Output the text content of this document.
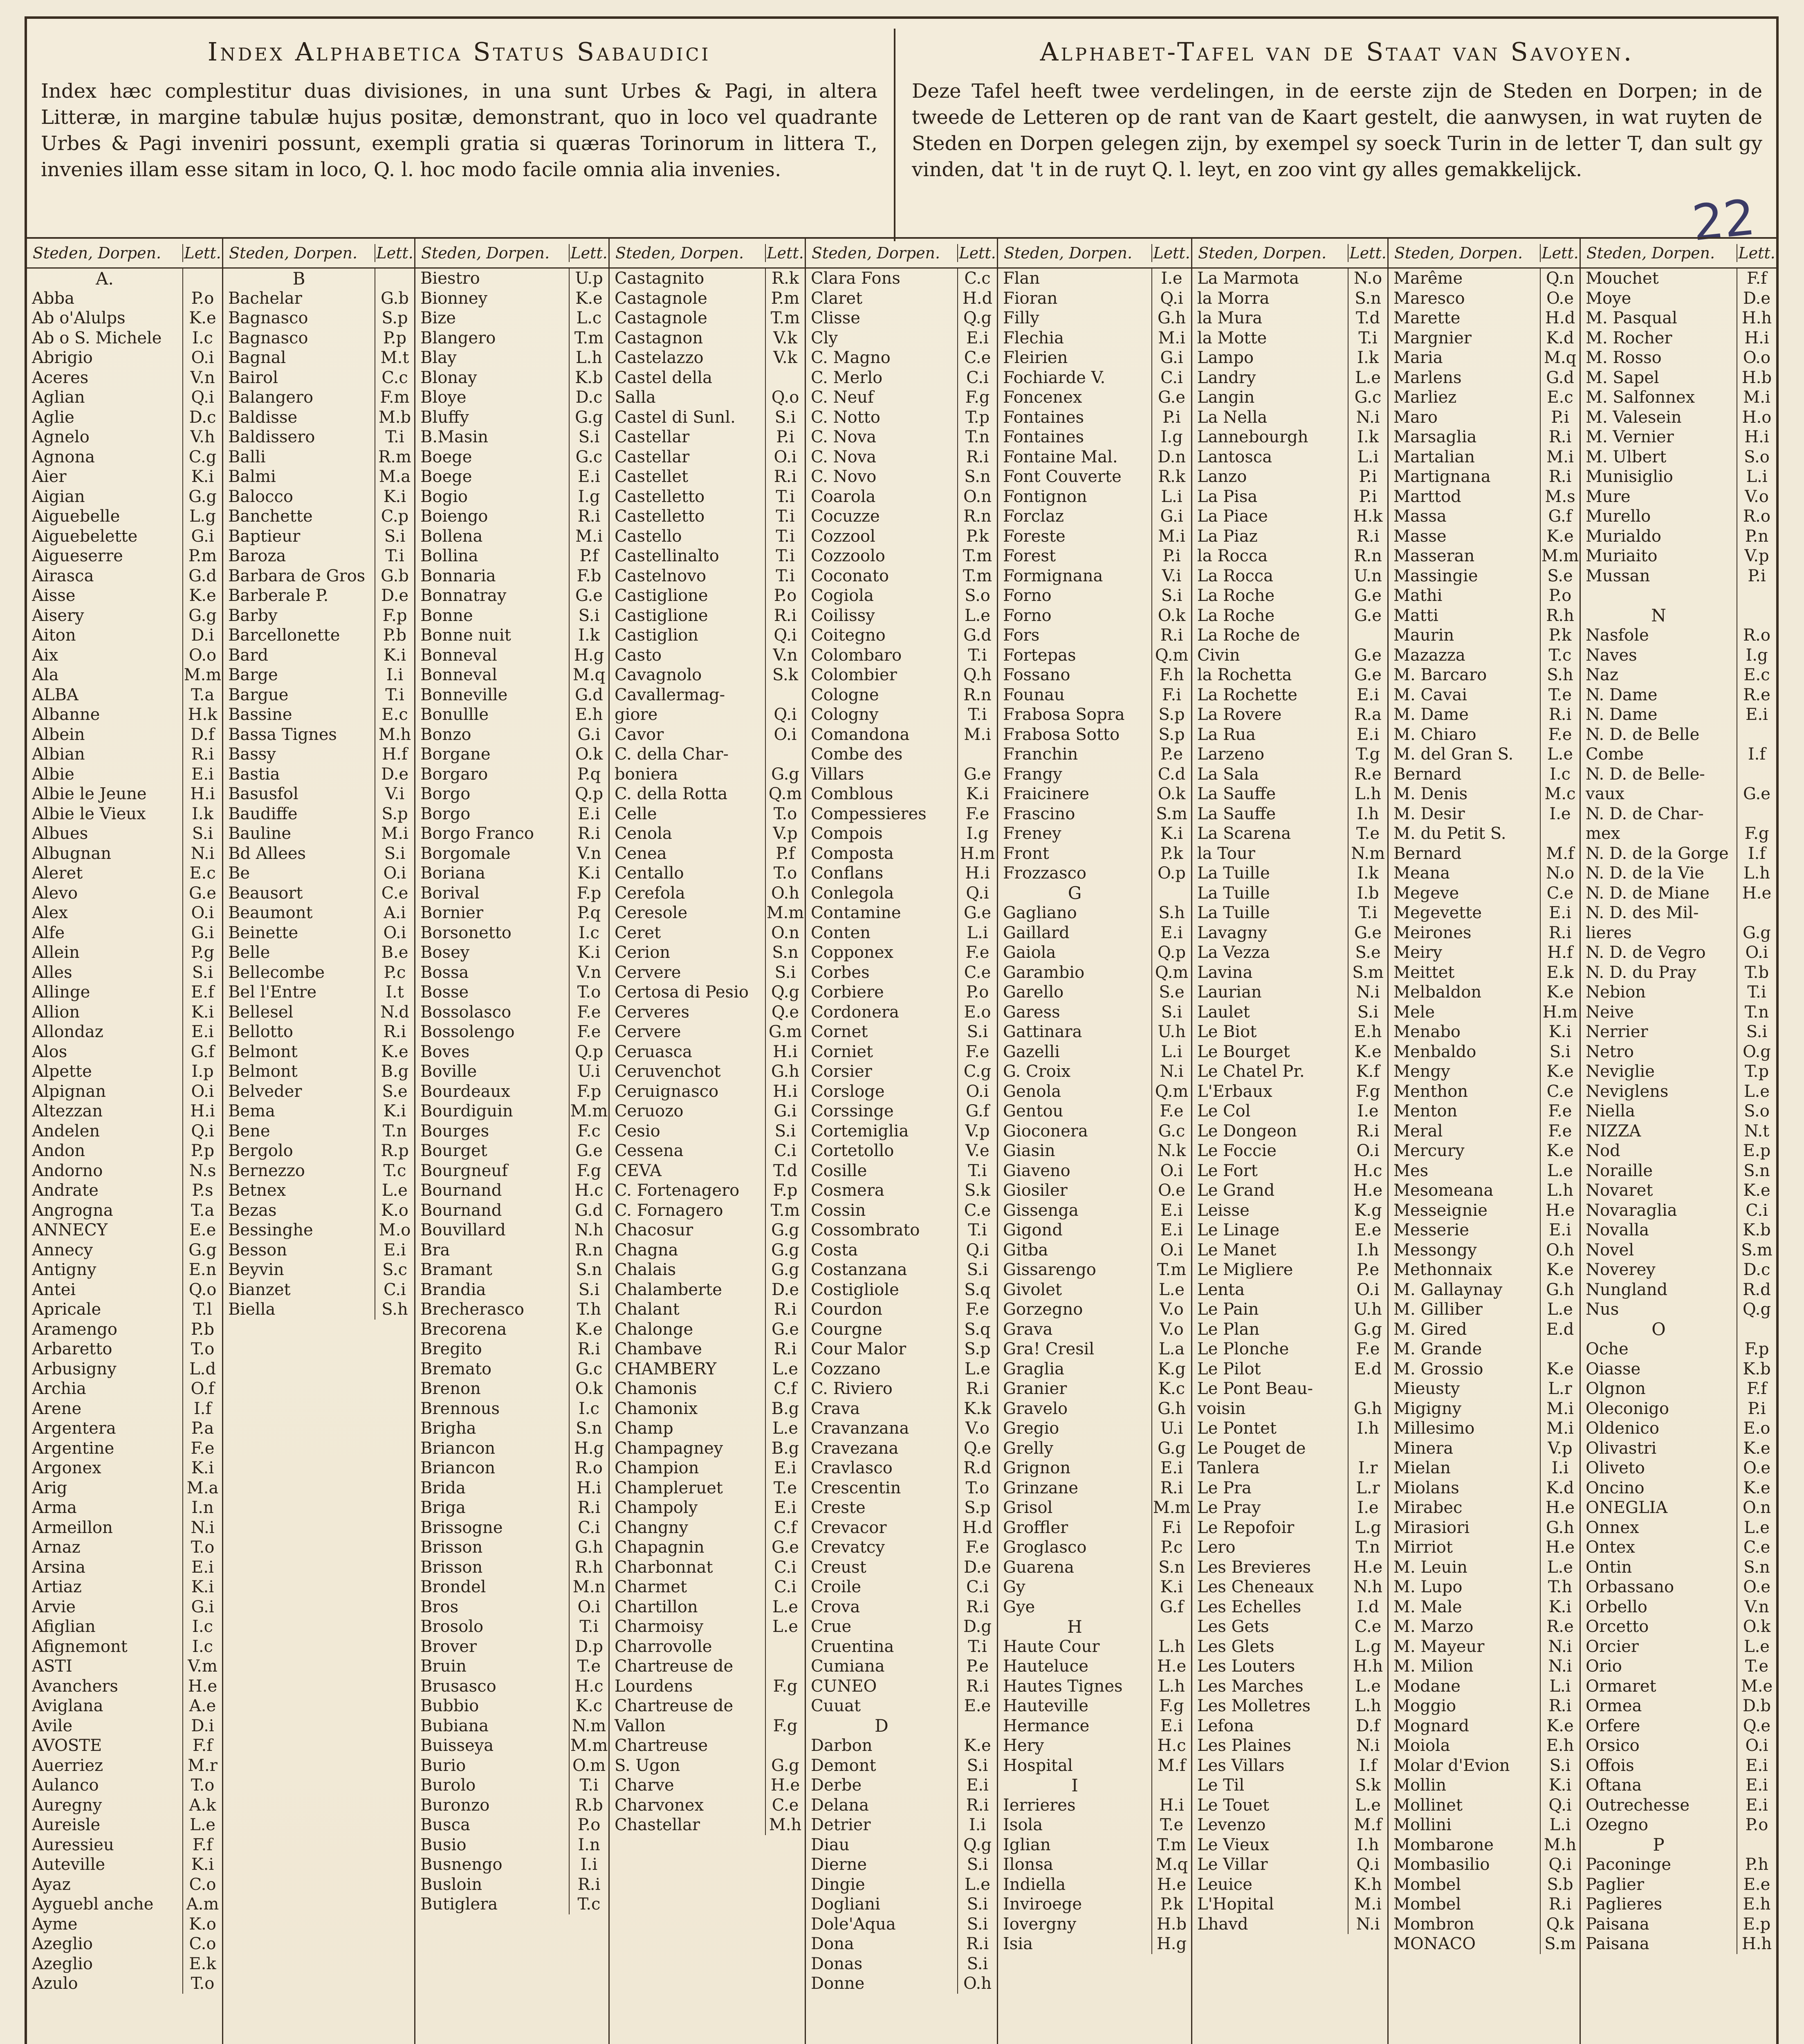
Index Alphabetica Status Sabaudici
Index hæc complestitur duas divisiones, in una sunt Urbes & Pagi, in altera Litteræ, in margine tabulæ hujus positæ, demonstrant, quo in loco vel quadrante Urbes & Pagi inveniri possunt, exempli gratia si quæras Torinorum in littera T., invenies illam esse sitam in loco, Q. l. hoc modo facile omnia alia invenies.
Alphabet-Tafel van de Staat van Savoyen.
Deze Tafel heeft twee verdelingen, in de eerste zijn de Steden en Dorpen; in de tweede de Letteren op de rant van de Kaart gestelt, die aanwysen, in wat ruyten de Steden en Dorpen gelegen zijn, by exempel sy soeck Turin in de letter T, dan sult gy vinden, dat 't in de ruyt Q. l. leyt, en zoo vint gy alles gemakkelijck.
22
Steden, Dorpen.	Lett.
A.
Abba	P.o
Ab o'Alulps	K.e
Ab o S. Michele	I.c
Abrigio	O.i
Aceres	V.n
Aglian	Q.i
Aglie	D.c
Agnelo	V.h
Agnona	C.g
Aier	K.i
Aigian	G.g
Aiguebelle	L.g
Aiguebelette	G.i
Aigueserre	P.m
Airasca	G.d
Aisse	K.e
Aisery	G.g
Aiton	D.i
Aix	O.o
Ala	M.m
ALBA	T.a
Albanne	H.k
Albein	D.f
Albian	R.i
Albie	E.i
Albie le Jeune	H.i
Albie le Vieux	I.k
Albues	S.i
Albugnan	N.i
Aleret	E.c
Alevo	G.e
Alex	O.i
Alfe	G.i
Allein	P.g
Alles	S.i
Allinge	E.f
Allion	K.i
Allondaz	E.i
Alos	G.f
Alpette	I.p
Alpignan	O.i
Altezzan	H.i
Andelen	Q.i
Andon	P.p
Andorno	N.s
Andrate	P.s
Angrogna	T.a
ANNECY	E.e
Annecy	G.g
Antigny	E.n
Antei	Q.o
Apricale	T.l
Aramengo	P.b
Arbaretto	T.o
Arbusigny	L.d
Archia	O.f
Arene	I.f
Argentera	P.a
Argentine	F.e
Argonex	K.i
Arig	M.a
Arma	I.n
Armeillon	N.i
Arnaz	T.o
Arsina	E.i
Artiaz	K.i
Arvie	G.i
Afiglian	I.c
Afignemont	I.c
ASTI	V.m
Avanchers	H.e
Aviglana	A.e
Avile	D.i
AVOSTE	F.f
Auerriez	M.r
Aulanco	T.o
Auregny	A.k
Aureisle	L.e
Auressieu	F.f
Auteville	K.i
Ayaz	C.o
Ayguebl anche	A.m
Ayme	K.o
Azeglio	C.o
Azeglio	E.k
Azulo	T.o
Steden, Dorpen.	Lett.
B
Bachelar	G.b
Bagnasco	S.p
Bagnasco	P.p
Bagnal	M.t
Bairol	C.c
Balangero	F.m
Baldisse	M.b
Baldissero	T.i
Balli	R.m
Balmi	M.a
Balocco	K.i
Banchette	C.p
Baptieur	S.i
Baroza	T.i
Barbara de Gros G.b
Barberale P.	D.e
Barby	F.p
Barcellonette	P.b
Bard	K.i
Barge	I.i
Bargue	T.i
Bassine	E.c
Bassa Tignes	M.h
Bassy	H.f
Bastia	D.e
Basusfol	V.i
Baudiffe	S.p
Bauline	M.i
Bd Allees	S.i
Be	O.i
Beausort	C.e
Beaumont	A.i
Beinette	O.i
Belle	B.e
Bellecombe	P.c
Bel l'Entre	I.t
Bellesel	N.d
Bellotto	R.i
Belmont	K.e
Belmont	B.g
Belveder	S.e
Bema	K.i
Bene	T.n
Bergolo	R.p
Bernezzo	T.c
Betnex	L.e
Bezas	K.o
Bessinghe	M.o
Besson	E.i
Beyvin	S.c
Bianzet	C.i
Biella	S.h
Steden, Dorpen.	Lett.
Biestro	U.p
Bionney	K.e
Bize	L.c
Blangero	T.m
Blay	L.h
Blonay	K.b
Bloye	D.c
Bluffy	G.g
B.Masin	S.i
Boege	G.c
Boege	E.i
Bogio	I.g
Boiengo	R.i
Bollena	M.i
Bollina	P.f
Bonnaria	F.b
Bonnatray	G.e
Bonne	S.i
Bonne nuit	I.k
Bonneval	H.g
Bonneval	M.q
Bonneville	G.d
Bonullle	E.h
Bonzo	G.i
Borgane	O.k
Borgaro	P.q
Borgo	Q.p
Borgo	E.i
Borgo Franco	R.i
Borgomale	V.n
Boriana	K.i
Borival	F.p
Bornier	P.q
Borsonetto	I.c
Bosey	K.i
Bossa	V.n
Bosse	T.o
Bossolasco	F.e
Bossolengo	F.e
Boves	Q.p
Boville	U.i
Bourdeaux	F.p
Bourdiguin	M.m
Bourges	F.c
Bourget	G.e
Bourgneuf	F.g
Bournand	H.c
Bournand	G.d
Bouvillard	N.h
Bra	R.n
Bramant	S.n
Brandia	S.i
Brecherasco	T.h
Brecorena	K.e
Bregito	R.i
Bremato	G.c
Brenon	O.k
Brennous	I.c
Brigha	S.n
Briancon	H.g
Briancon	R.o
Brida	H.i
Briga	R.i
Brissogne	C.i
Brisson	G.h
Brisson	R.h
Brondel	M.n
Bros	O.i
Brosolo	T.i
Brover	D.p
Bruin	T.e
Brusasco	H.c
Bubbio	K.c
Bubiana	N.m
Buisseya	M.m
Burio	O.m
Burolo	T.i
Buronzo	R.b
Busca	P.o
Busio	I.n
Busnengo	I.i
Busloin	R.i
Butiglera	T.c
Steden, Dorpen.	Lett.
Castagnito	R.k
Castagnole	P.m
Castagnole	T.m
Castagnon	V.k
Castelazzo	V.k
Castel della
Salla	Q.o
Castel di Sunl.	S.i
Castellar	P.i
Castellar	O.i
Castellet	R.i
Castelletto	T.i
Castelletto	T.i
Castello	T.i
Castellinalto	T.i
Castelnovo	T.i
Castiglione	P.o
Castiglione	R.i
Castiglion	Q.i
Casto	V.n
Cavagnolo	S.k
Cavallermag-
giore	Q.i
Cavor	O.i
C. della Char-
boniera	G.g
C. della Rotta	Q.m
Celle	T.o
Cenola	V.p
Cenea	P.f
Centallo	T.o
Cerefola	O.h
Ceresole	M.m
Ceret	O.n
Cerion	S.n
Cervere	S.i
Certosa di Pesio	Q.g
Cerveres	Q.e
Cervere	G.m
Ceruasca	H.i
Ceruvenchot	G.h
Ceruignasco	H.i
Ceruozo	G.i
Cesio	S.i
Cessena	C.i
CEVA	T.d
C. Fortenagero	F.p
C. Fornagero	T.m
Chacosur	G.g
Chagna	G.g
Chalais	G.g
Chalamberte	D.e
Chalant	R.i
Chalonge	G.e
Chambave	R.i
CHAMBERY	L.e
Chamonis	C.f
Chamonix	B.g
Champ	L.e
Champagney	B.g
Champion	E.i
Champleruet	T.e
Champoly	E.i
Changny	C.f
Chapagnin	G.e
Charbonnat	C.i
Charmet	C.i
Chartillon	L.e
Charmoisy	L.e
Charrovolle
Chartreuse de
Lourdens	F.g
Chartreuse de
Vallon	F.g
Chartreuse
S. Ugon	G.g
Charve	H.e
Charvonex	C.e
Chastellar	M.h
Steden, Dorpen.	Lett.
Clara Fons	C.c
Claret	H.d
Clisse	Q.g
Cly	E.i
C. Magno	C.e
C. Merlo	C.i
C. Neuf	F.g
C. Notto	T.p
C. Nova	T.n
C. Nova	R.i
C. Novo	S.n
Coarola	O.n
Cocuzze	R.n
Cozzool	P.k
Cozzoolo	T.m
Coconato	T.m
Cogiola	S.o
Coilissy	L.e
Coitegno	G.d
Colombaro	T.i
Colombier	Q.h
Cologne	R.n
Cologny	T.i
Comandona	M.i
Combe des
Villars	G.e
Comblous	K.i
Compessieres	F.e
Compois	I.g
Composta	H.m
Conflans	H.i
Conlegola	Q.i
Contamine	G.e
Conten	L.i
Copponex	F.e
Corbes	C.e
Corbiere	P.o
Cordonera	E.o
Cornet	S.i
Corniet	F.e
Corsier	C.g
Corsloge	O.i
Corssinge	G.f
Cortemiglia	V.p
Cortetollo	V.e
Cosille	T.i
Cosmera	S.k
Cossin	C.e
Cossombrato	T.i
Costa	Q.i
Costanzana	S.i
Costigliole	S.q
Courdon	F.e
Courgne	S.q
Cour Malor	S.p
Cozzano	L.e
C. Riviero	R.i
Crava	K.k
Cravanzana	V.o
Cravezana	Q.e
Cravlasco	R.d
Crescentin	T.o
Creste	S.p
Crevacor	H.d
Crevatcy	F.e
Creust	D.e
Croile	C.i
Crova	R.i
Crue	D.g
Cruentina	T.i
Cumiana	P.e
CUNEO	R.i
Cuuat	E.e
D
Darbon	K.e
Demont	S.i
Derbe	E.i
Delana	R.i
Detrier	I.i
Diau	Q.g
Dierne	S.i
Dingie	L.e
Dogliani	S.i
Dole'Aqua	S.i
Dona	R.i
Donas	S.i
Donne	O.h
Steden, Dorpen.	Lett.
Flan	I.e
Fioran	Q.i
Filly	G.h
Flechia	M.i
Fleirien	G.i
Fochiarde V.	C.i
Foncenex	G.e
Fontaines	P.i
Fontaines	I.g
Fontaine Mal.	D.n
Font Couverte	R.k
Fontignon	L.i
Forclaz	G.i
Foreste	M.i
Forest	P.i
Formignana	V.i
Forno	S.i
Forno	O.k
Fors	R.i
Fortepas	Q.m
Fossano	F.h
Founau	F.i
Frabosa Sopra	S.p
Frabosa Sotto	S.p
Franchin	P.e
Frangy	C.d
Fraicinere	O.k
Frascino	S.m
Freney	K.i
Front	P.k
Frozzasco	O.p
G
Gagliano	S.h
Gaillard	E.i
Gaiola	Q.p
Garambio	Q.m
Garello	S.e
Garess	S.i
Gattinara	U.h
Gazelli	L.i
G. Croix	N.i
Genola	Q.m
Gentou	F.e
Gioconera	G.c
Giasin	N.k
Giaveno	O.i
Giosiler	O.e
Gissenga	E.i
Gigond	E.i
Gitba	O.i
Gissarengo	T.m
Givolet	L.e
Gorzegno	V.o
Grava	V.o
Gra! Cresil	L.a
Graglia	K.g
Granier	K.c
Gravelo	G.h
Gregio	U.i
Grelly	G.g
Grignon	E.i
Grinzane	R.i
Grisol	M.m
Groffler	F.i
Groglasco	P.c
Guarena	S.n
Gy	K.i
Gye	G.f
H
Haute Cour	L.h
Hauteluce	H.e
Hautes Tignes	L.h
Hauteville	F.g
Hermance	E.i
Hery	H.c
Hospital	M.f
I
Ierrieres	H.i
Isola	T.e
Iglian	T.m
Ilonsa	M.q
Indiella	H.e
Inviroege	P.k
Iovergny	H.b
Isia	H.g
Steden, Dorpen.	Lett.
La Marmota	N.o
la Morra	S.n
la Mura	T.d
la Motte	T.i
Lampo	I.k
Landry	L.e
Langin	G.c
La Nella	N.i
Lannebourgh	I.k
Lantosca	L.i
Lanzo	P.i
La Pisa	P.i
La Piace	H.k
La Piaz	R.i
la Rocca	R.n
La Rocca	U.n
La Roche	G.e
La Roche	G.e
La Roche de
Civin	G.e
la Rochetta	G.e
La Rochette	E.i
La Rovere	R.a
La Rua	E.i
Larzeno	T.g
La Sala	R.e
La Sauffe	L.h
La Sauffe	I.h
La Scarena	T.e
la Tour	N.m
La Tuille	I.k
La Tuille	I.b
La Tuille	T.i
Lavagny	G.e
La Vezza	S.e
Lavina	S.m
Laurian	N.i
Laulet	S.i
Le Biot	E.h
Le Bourget	K.e
Le Chatel Pr.	K.f
L'Erbaux	F.g
Le Col	I.e
Le Dongeon	R.i
Le Foccie	O.i
Le Fort	H.c
Le Grand	H.e
Leisse	K.g
Le Linage	E.e
Le Manet	I.h
Le Migliere	P.e
Lenta	O.i
Le Pain	U.h
Le Plan	G.g
Le Plonche	F.e
Le Pilot	E.d
Le Pont Beau-
voisin	G.h
Le Pontet	I.h
Le Pouget de
Tanlera	I.r
Le Pra	L.r
Le Pray	I.e
Le Repofoir	L.g
Lero	T.n
Les Brevieres	H.e
Les Cheneaux	N.h
Les Echelles	I.d
Les Gets	C.e
Les Glets	L.g
Les Louters	H.h
Les Marches	L.e
Les Molletres	L.h
Lefona	D.f
Les Plaines	N.i
Les Villars	I.f
Le Til	S.k
Le Touet	L.e
Levenzo	M.f
Le Vieux	I.h
Le Villar	Q.i
Leuice	K.h
L'Hopital	M.i
Lhavd	N.i
Steden, Dorpen.	Lett.
Marême	Q.n
Maresco	O.e
Marette	H.d
Margnier	K.d
Maria	M.q
Marlens	G.d
Marliez	E.c
Maro	P.i
Marsaglia	R.i
Martalian	M.i
Martignana	R.i
Marttod	M.s
Massa	G.f
Masse	K.e
Masseran	M.m
Massingie	S.e
Mathi	P.o
Matti	R.h
Maurin	P.k
Mazazza	T.c
M. Barcaro	S.h
M. Cavai	T.e
M. Dame	R.i
M. Chiaro	F.e
M. del Gran S.	L.e
Bernard	I.c
M. Denis	M.c
M. Desir	I.e
M. du Petit S.
Bernard	M.f
Meana	N.o
Megeve	C.e
Megevette	E.i
Meirones	R.i
Meiry	H.f
Meittet	E.k
Melbaldon	K.e
Mele	H.m
Menabo	K.i
Menbaldo	S.i
Mengy	K.e
Menthon	C.e
Menton	F.e
Meral	F.e
Mercury	K.e
Mes	L.e
Mesomeana	L.h
Messeignie	H.e
Messerie	E.i
Messongy	O.h
Methonnaix	K.e
M. Gallaynay	G.h
M. Gilliber	L.e
M. Gired	E.d
M. Grande
M. Grossio	K.e
Mieusty	L.r
Migigny	M.i
Millesimo	M.i
Minera	V.p
Mielan	I.i
Miolans	K.d
Mirabec	H.e
Mirasiori	G.h
Mirriot	H.e
M. Leuin	L.e
M. Lupo	T.h
M. Male	K.i
M. Marzo	R.e
M. Mayeur	N.i
M. Milion	N.i
Modane	L.i
Moggio	R.i
Mognard	K.e
Moiola	E.h
Molar d'Evion	S.i
Mollin	K.i
Mollinet	Q.i
Mollini	L.i
Mombarone	M.h
Mombasilio	Q.i
Mombel	S.b
Mombel	R.i
Mombron	Q.k
MONACO	S.m
Steden, Dorpen.	Lett.
Mouchet	F.f
Moye	D.e
M. Pasqual	H.h
M. Rocher	H.i
M. Rosso	O.o
M. Sapel	H.b
M. Salfonnex	M.i
M. Valesein	H.o
M. Vernier	H.i
M. Ulbert	S.o
Munisiglio	L.i
Mure	V.o
Murello	R.o
Murialdo	P.n
Muriaito	V.p
Mussan	P.i
N
Nasfole	R.o
Naves	I.g
Naz	E.c
N. Dame	R.e
N. Dame	E.i
N. D. de Belle
Combe	I.f
N. D. de Belle-
vaux	G.e
N. D. de Char-
mex	F.g
N. D. de la Gorge	I.f
N. D. de la Vie	L.h
N. D. de Miane	H.e
N. D. des Mil-
lieres	G.g
N. D. de Vegro	O.i
N. D. du Pray	T.b
Nebion	T.i
Neive	T.n
Nerrier	S.i
Netro	O.g
Neviglie	T.p
Neviglens	L.e
Niella	S.o
NIZZA	N.t
Nod	E.p
Noraille	S.n
Novaret	K.e
Novaraglia	C.i
Novalla	K.b
Novel	S.m
Noverey	D.c
Nungland	R.d
Nus	Q.g
O
Oche	F.p
Oiasse	K.b
Olgnon	F.f
Oleconigo	P.i
Oldenico	E.o
Olivastri	K.e
Oliveto	O.e
Oncino	K.e
ONEGLIA	O.n
Onnex	L.e
Ontex	C.e
Ontin	S.n
Orbassano	O.e
Orbello	V.n
Orcetto	O.k
Orcier	L.e
Orio	T.e
Ormaret	M.e
Ormea	D.b
Orfere	Q.e
Orsico	O.i
Offois	E.i
Oftana	E.i
Outrechesse	E.i
Ozegno	P.o
P
Paconinge	P.h
Paglier	E.e
Paglieres	E.h
Paisana	E.p
Paisana	H.h
